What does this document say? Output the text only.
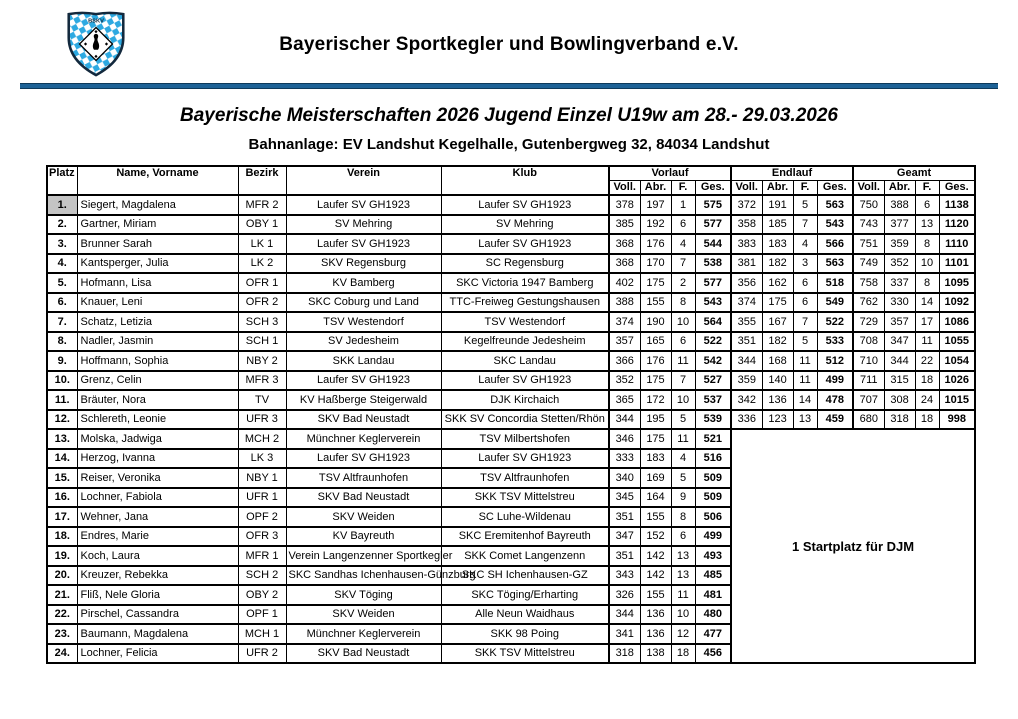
BSKV
Bayerischer Sportkegler und Bowlingverband e.V.
Bayerische Meisterschaften 2026 Jugend Einzel U19w am 28.- 29.03.2026
Bahnanlage: EV Landshut Kegelhalle, Gutenbergweg 32, 84034 Landshut
Platz	Name, Vorname	Bezirk	Verein	Klub	Vorlauf				Endlauf				Geamt			
					Voll.	Abr.	F.	Ges.	Voll.	Abr.	F.	Ges.	Voll.	Abr.	F.	Ges.
1.	Siegert, Magdalena	MFR 2	Laufer SV GH1923	Laufer SV GH1923	378	197	1	575	372	191	5	563	750	388	6	1138
2.	Gartner, Miriam	OBY 1	SV Mehring	SV Mehring	385	192	6	577	358	185	7	543	743	377	13	1120
3.	Brunner Sarah	LK 1	Laufer SV GH1923	Laufer SV GH1923	368	176	4	544	383	183	4	566	751	359	8	1110
4.	Kantsperger, Julia	LK 2	SKV Regensburg	SC Regensburg	368	170	7	538	381	182	3	563	749	352	10	1101
5.	Hofmann, Lisa	OFR 1	KV Bamberg	SKC Victoria 1947 Bamberg	402	175	2	577	356	162	6	518	758	337	8	1095
6.	Knauer, Leni	OFR 2	SKC Coburg und Land	TTC-Freiweg Gestungshausen	388	155	8	543	374	175	6	549	762	330	14	1092
7.	Schatz, Letizia	SCH 3	TSV Westendorf	TSV Westendorf	374	190	10	564	355	167	7	522	729	357	17	1086
8.	Nadler, Jasmin	SCH 1	SV Jedesheim	Kegelfreunde Jedesheim	357	165	6	522	351	182	5	533	708	347	11	1055
9.	Hoffmann, Sophia	NBY 2	SKK Landau	SKC Landau	366	176	11	542	344	168	11	512	710	344	22	1054
10.	Grenz, Celin	MFR 3	Laufer SV GH1923	Laufer SV GH1923	352	175	7	527	359	140	11	499	711	315	18	1026
11.	Bräuter, Nora	TV	KV Haßberge Steigerwald	DJK Kirchaich	365	172	10	537	342	136	14	478	707	308	24	1015
12.	Schlereth, Leonie	UFR 3	SKV Bad Neustadt	SKK SV Concordia Stetten/Rhön	344	195	5	539	336	123	13	459	680	318	18	998
13.	Molska, Jadwiga	MCH 2	Münchner Keglerverein	TSV Milbertshofen	346	175	11	521	1 Startplatz für DJM							
14.	Herzog, Ivanna	LK 3	Laufer SV GH1923	Laufer SV GH1923	333	183	4	516								
15.	Reiser, Veronika	NBY 1	TSV Altfraunhofen	TSV Altfraunhofen	340	169	5	509								
16.	Lochner, Fabiola	UFR 1	SKV Bad Neustadt	SKK TSV Mittelstreu	345	164	9	509								
17.	Wehner, Jana	OPF 2	SKV Weiden	SC Luhe-Wildenau	351	155	8	506								
18.	Endres, Marie	OFR 3	KV Bayreuth	SKC Eremitenhof Bayreuth	347	152	6	499								
19.	Koch, Laura	MFR 1	Verein Langenzenner Sportkegler	SKK Comet Langenzenn	351	142	13	493								
20.	Kreuzer, Rebekka	SCH 2	SKC Sandhas Ichenhausen-Günzburg	SKC SH Ichenhausen-GZ	343	142	13	485								
21.	Fliß, Nele Gloria	OBY 2	SKV Töging	SKC Töging/Erharting	326	155	11	481								
22.	Pirschel, Cassandra	OPF 1	SKV Weiden	Alle Neun Waidhaus	344	136	10	480								
23.	Baumann, Magdalena	MCH 1	Münchner Keglerverein	SKK 98 Poing	341	136	12	477								
24.	Lochner, Felicia	UFR 2	SKV Bad Neustadt	SKK TSV Mittelstreu	318	138	18	456								
